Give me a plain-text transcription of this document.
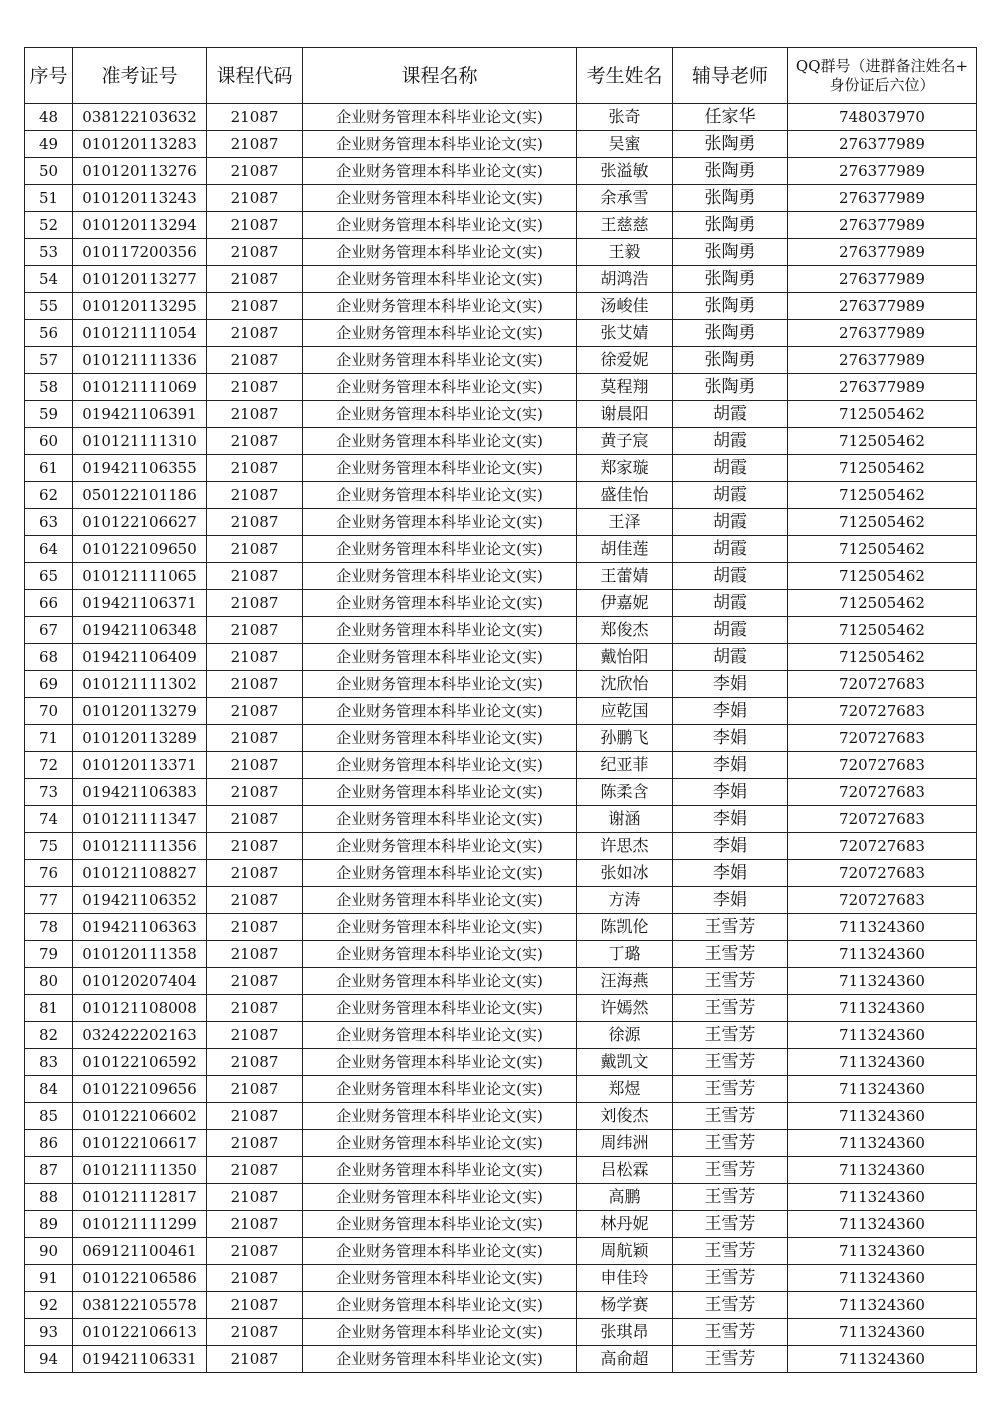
序号	准考证号	课程代码	课程名称	考生姓名	辅导老师	QQ群号（进群备注姓名+
身份证后六位）
48	038122103632	21087	企业财务管理本科毕业论文(实)	张奇	任家华	748037970
49	010120113283	21087	企业财务管理本科毕业论文(实)	吴蜜	张陶勇	276377989
50	010120113276	21087	企业财务管理本科毕业论文(实)	张溢敏	张陶勇	276377989
51	010120113243	21087	企业财务管理本科毕业论文(实)	余承雪	张陶勇	276377989
52	010120113294	21087	企业财务管理本科毕业论文(实)	王慈慈	张陶勇	276377989
53	010117200356	21087	企业财务管理本科毕业论文(实)	王毅	张陶勇	276377989
54	010120113277	21087	企业财务管理本科毕业论文(实)	胡鸿浩	张陶勇	276377989
55	010120113295	21087	企业财务管理本科毕业论文(实)	汤峻佳	张陶勇	276377989
56	010121111054	21087	企业财务管理本科毕业论文(实)	张艾婧	张陶勇	276377989
57	010121111336	21087	企业财务管理本科毕业论文(实)	徐爱妮	张陶勇	276377989
58	010121111069	21087	企业财务管理本科毕业论文(实)	莫程翔	张陶勇	276377989
59	019421106391	21087	企业财务管理本科毕业论文(实)	谢晨阳	胡霞	712505462
60	010121111310	21087	企业财务管理本科毕业论文(实)	黄子宸	胡霞	712505462
61	019421106355	21087	企业财务管理本科毕业论文(实)	郑家璇	胡霞	712505462
62	050122101186	21087	企业财务管理本科毕业论文(实)	盛佳怡	胡霞	712505462
63	010122106627	21087	企业财务管理本科毕业论文(实)	王泽	胡霞	712505462
64	010122109650	21087	企业财务管理本科毕业论文(实)	胡佳莲	胡霞	712505462
65	010121111065	21087	企业财务管理本科毕业论文(实)	王蕾婧	胡霞	712505462
66	019421106371	21087	企业财务管理本科毕业论文(实)	伊嘉妮	胡霞	712505462
67	019421106348	21087	企业财务管理本科毕业论文(实)	郑俊杰	胡霞	712505462
68	019421106409	21087	企业财务管理本科毕业论文(实)	戴怡阳	胡霞	712505462
69	010121111302	21087	企业财务管理本科毕业论文(实)	沈欣怡	李娟	720727683
70	010120113279	21087	企业财务管理本科毕业论文(实)	应乾国	李娟	720727683
71	010120113289	21087	企业财务管理本科毕业论文(实)	孙鹏飞	李娟	720727683
72	010120113371	21087	企业财务管理本科毕业论文(实)	纪亚菲	李娟	720727683
73	019421106383	21087	企业财务管理本科毕业论文(实)	陈柔含	李娟	720727683
74	010121111347	21087	企业财务管理本科毕业论文(实)	谢涵	李娟	720727683
75	010121111356	21087	企业财务管理本科毕业论文(实)	许思杰	李娟	720727683
76	010121108827	21087	企业财务管理本科毕业论文(实)	张如冰	李娟	720727683
77	019421106352	21087	企业财务管理本科毕业论文(实)	方涛	李娟	720727683
78	019421106363	21087	企业财务管理本科毕业论文(实)	陈凯伦	王雪芳	711324360
79	010120111358	21087	企业财务管理本科毕业论文(实)	丁璐	王雪芳	711324360
80	010120207404	21087	企业财务管理本科毕业论文(实)	汪海燕	王雪芳	711324360
81	010121108008	21087	企业财务管理本科毕业论文(实)	许嫣然	王雪芳	711324360
82	032422202163	21087	企业财务管理本科毕业论文(实)	徐源	王雪芳	711324360
83	010122106592	21087	企业财务管理本科毕业论文(实)	戴凯文	王雪芳	711324360
84	010122109656	21087	企业财务管理本科毕业论文(实)	郑煜	王雪芳	711324360
85	010122106602	21087	企业财务管理本科毕业论文(实)	刘俊杰	王雪芳	711324360
86	010122106617	21087	企业财务管理本科毕业论文(实)	周纬洲	王雪芳	711324360
87	010121111350	21087	企业财务管理本科毕业论文(实)	吕松霖	王雪芳	711324360
88	010121112817	21087	企业财务管理本科毕业论文(实)	高鹏	王雪芳	711324360
89	010121111299	21087	企业财务管理本科毕业论文(实)	林丹妮	王雪芳	711324360
90	069121100461	21087	企业财务管理本科毕业论文(实)	周航颖	王雪芳	711324360
91	010122106586	21087	企业财务管理本科毕业论文(实)	申佳玲	王雪芳	711324360
92	038122105578	21087	企业财务管理本科毕业论文(实)	杨学赛	王雪芳	711324360
93	010122106613	21087	企业财务管理本科毕业论文(实)	张琪昂	王雪芳	711324360
94	019421106331	21087	企业财务管理本科毕业论文(实)	高俞超	王雪芳	711324360
